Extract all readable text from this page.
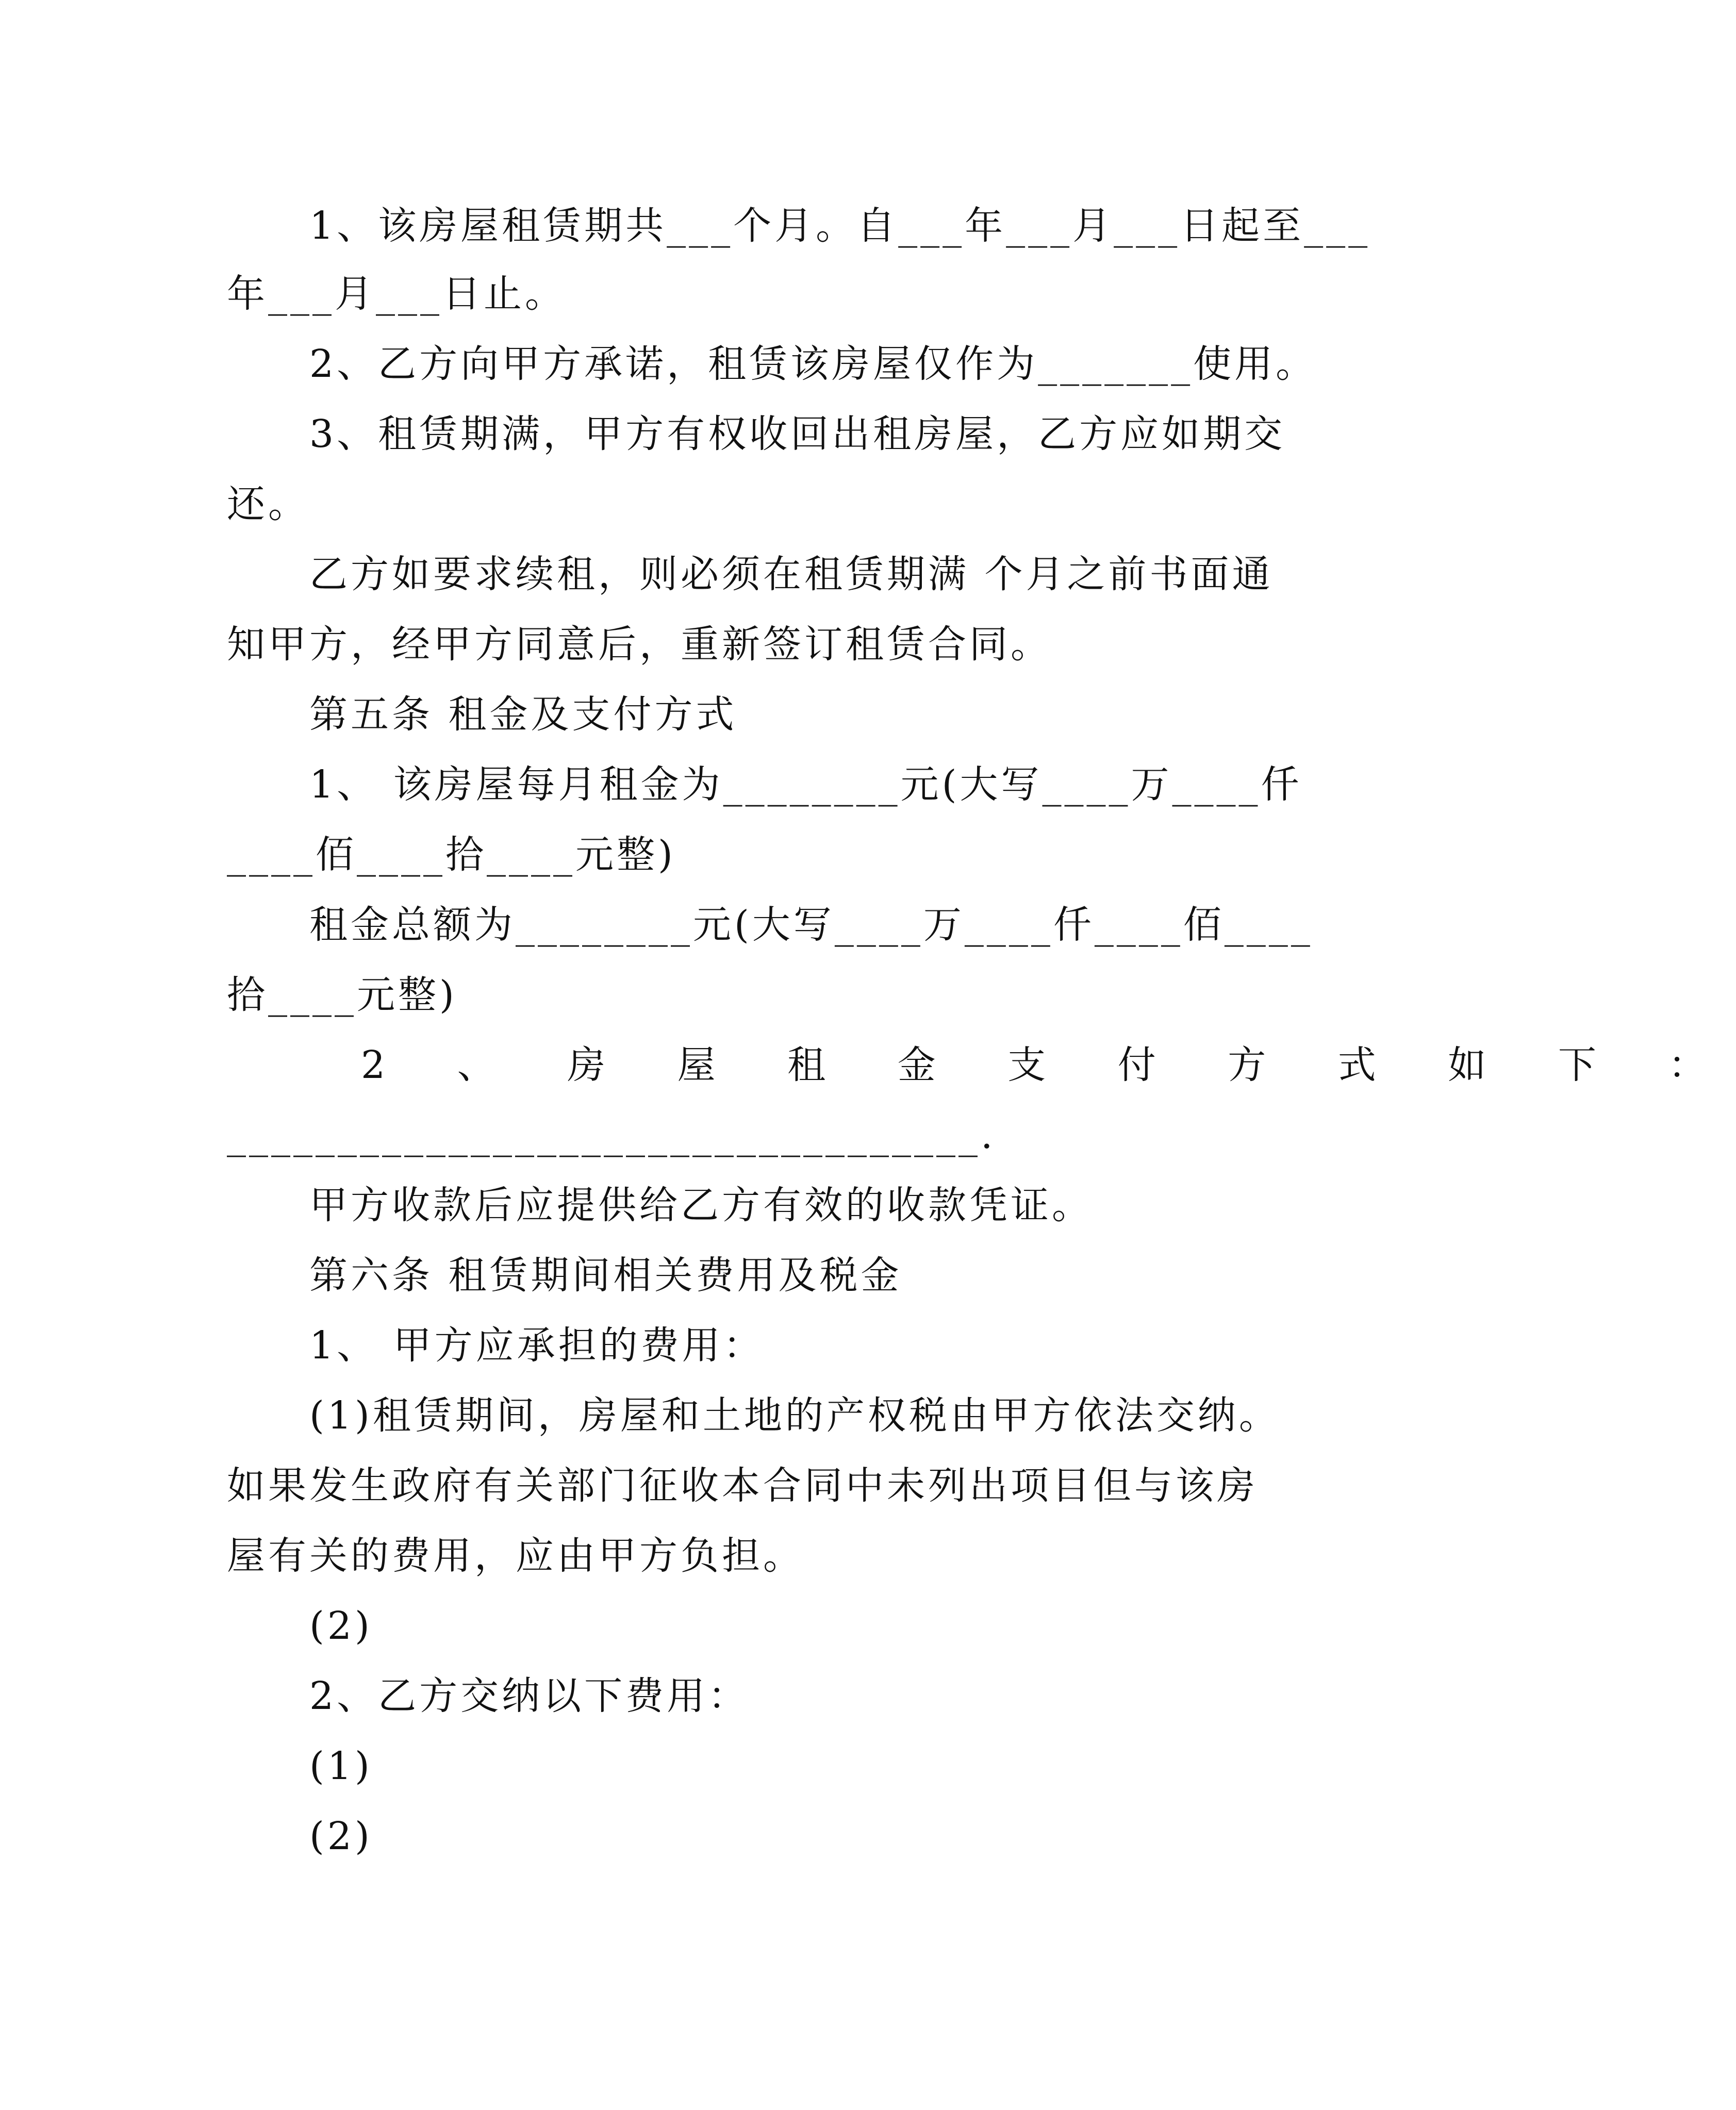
1、该房屋租赁期共___个月。自___年___月___日起至___
年___月___日止。
2、乙方向甲方承诺，租赁该房屋仅作为_______使用。
3、租赁期满，甲方有权收回出租房屋，乙方应如期交
还。
乙方如要求续租，则必须在租赁期满 个月之前书面通
知甲方，经甲方同意后，重新签订租赁合同。
第五条 租金及支付方式
1、 该房屋每月租金为________元(大写____万____仟
____佰____拾____元整)
租金总额为________元(大写____万____仟____佰____
拾____元整)
2 、 房 屋 租 金 支 付 方 式 如 下 ：
__________________________________.
甲方收款后应提供给乙方有效的收款凭证。
第六条 租赁期间相关费用及税金
1、 甲方应承担的费用：
(1)租赁期间，房屋和土地的产权税由甲方依法交纳。
如果发生政府有关部门征收本合同中未列出项目但与该房
屋有关的费用，应由甲方负担。
(2)
2、乙方交纳以下费用：
(1)
(2)
